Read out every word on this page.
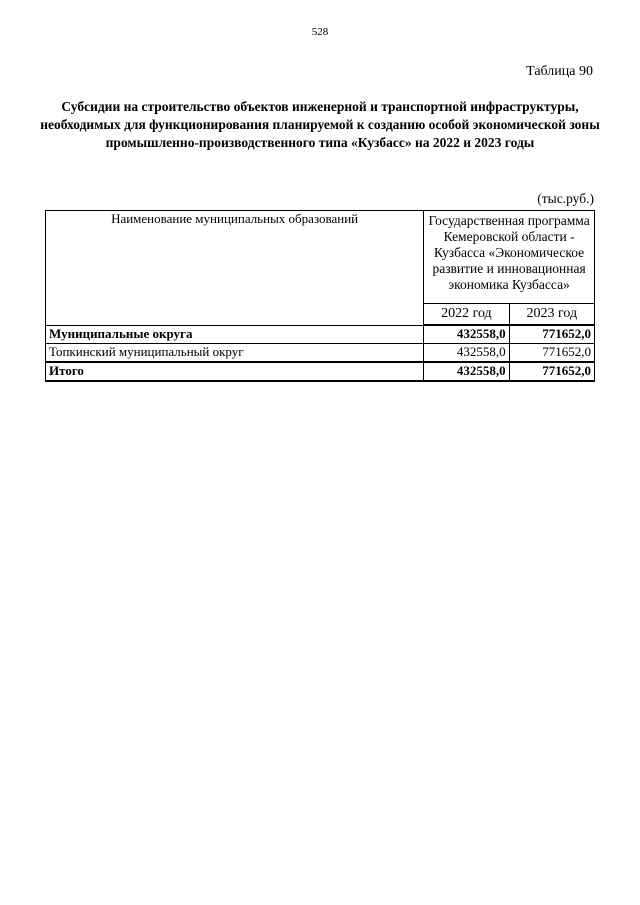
528
Таблица 90
Субсидии на строительство объектов инженерной и транспортной инфраструктуры, необходимых для функционирования планируемой к созданию особой экономической зоны промышленно-производственного типа «Кузбасс» на 2022 и 2023 годы
(тыс.руб.)
Наименование муниципальных образований	Государственная программа Кемеровской области - Кузбасса «Экономическое развитие и инновационная экономика Кузбасса»	
	2022 год	2023 год
Муниципальные округа	432558,0	771652,0
Топкинский муниципальный округ	432558,0	771652,0
Итого	432558,0	771652,0
